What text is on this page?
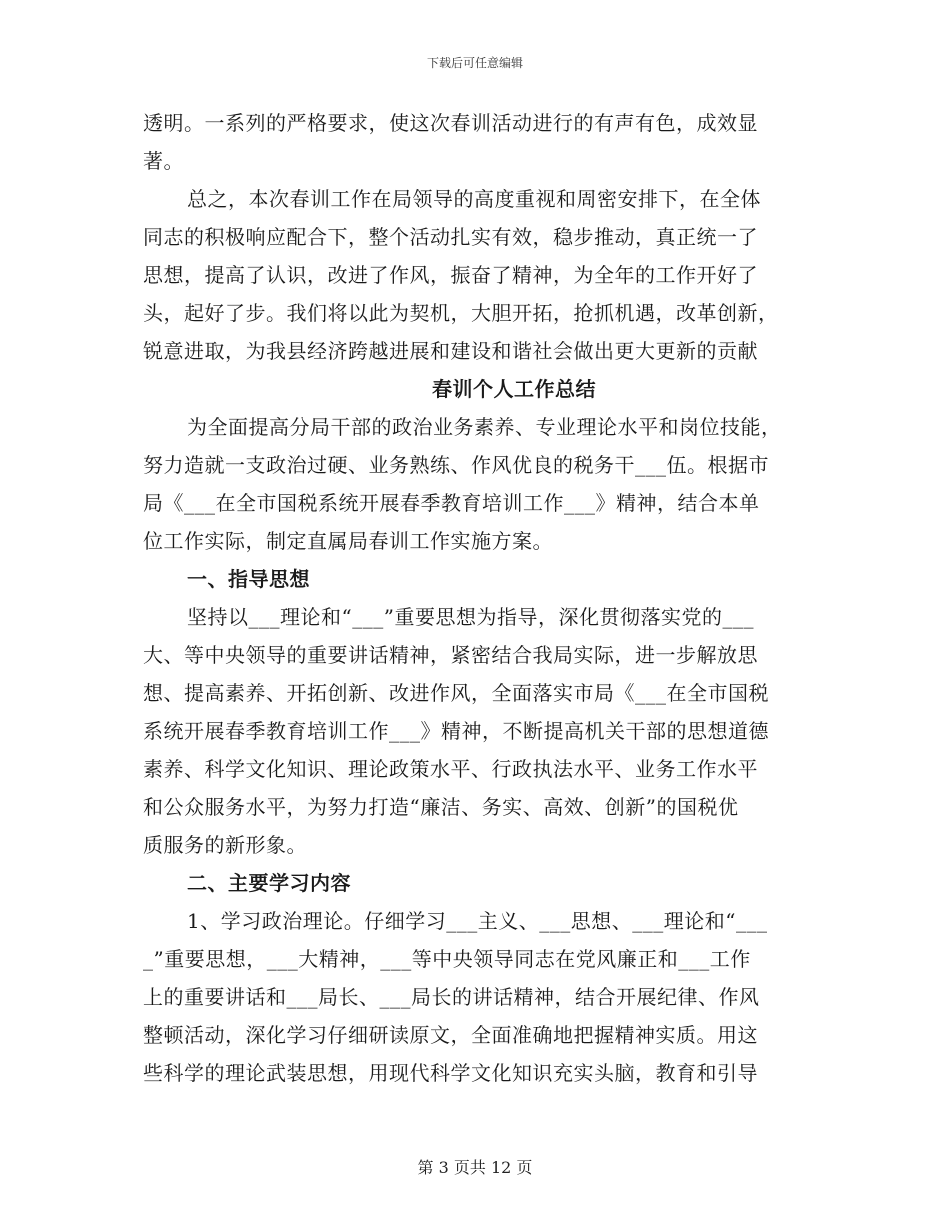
下载后可任意编辑
透明。一系列的严格要求，使这次春训活动进行的有声有色，成效显
著。
总之，本次春训工作在局领导的高度重视和周密安排下，在全体
同志的积极响应配合下，整个活动扎实有效，稳步推动，真正统一了
思想，提高了认识，改进了作风，振奋了精神，为全年的工作开好了
头，起好了步。我们将以此为契机，大胆开拓，抢抓机遇，改革创新，
锐意进取，为我县经济跨越进展和建设和谐社会做出更大更新的贡献
春训个人工作总结
为全面提高分局干部的政治业务素养、专业理论水平和岗位技能，
努力造就一支政治过硬、业务熟练、作风优良的税务干___伍。根据市
局《___在全市国税系统开展春季教育培训工作___》精神，结合本单
位工作实际，制定直属局春训工作实施方案。
一、指导思想
坚持以___理论和“___”重要思想为指导，深化贯彻落实党的___
大、等中央领导的重要讲话精神，紧密结合我局实际，进一步解放思
想、提高素养、开拓创新、改进作风，全面落实市局《___在全市国税
系统开展春季教育培训工作___》精神，不断提高机关干部的思想道德
素养、科学文化知识、理论政策水平、行政执法水平、业务工作水平
和公众服务水平，为努力打造“廉洁、务实、高效、创新”的国税优
质服务的新形象。
二、主要学习内容
1、学习政治理论。仔细学习___主义、___思想、___理论和“___
_”重要思想，___大精神，___等中央领导同志在党风廉正和___工作
上的重要讲话和___局长、___局长的讲话精神，结合开展纪律、作风
整顿活动，深化学习仔细研读原文，全面准确地把握精神实质。用这
些科学的理论武装思想，用现代科学文化知识充实头脑，教育和引导
第 3 页共 12 页
